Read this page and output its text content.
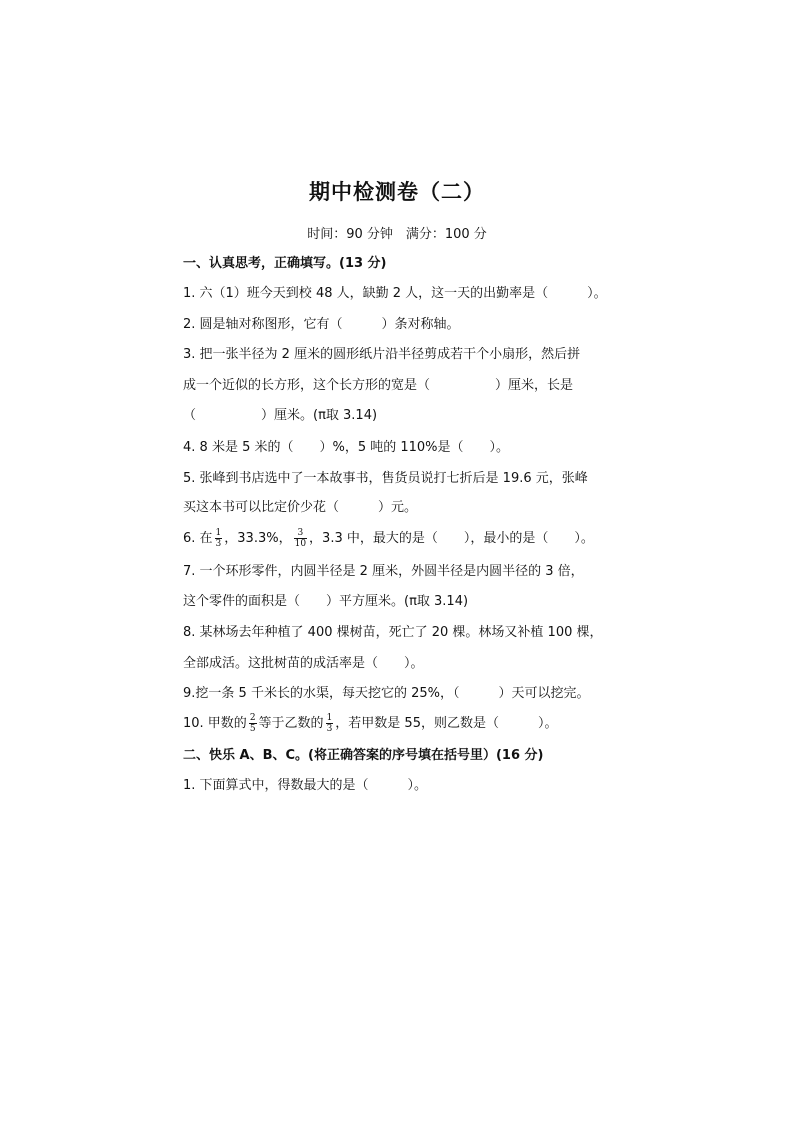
期中检测卷（二）
时间：90 分钟　满分：100 分
一、认真思考，正确填写。(13 分)
1. 六（1）班今天到校 48 人，缺勤 2 人，这一天的出勤率是（　　　）。
2. 圆是轴对称图形，它有（　　　）条对称轴。
3. 把一张半径为 2 厘米的圆形纸片沿半径剪成若干个小扇形，然后拼
成一个近似的长方形，这个长方形的宽是（　　　　　）厘米，长是
（　　　　　）厘米。(π取 3.14)
4. 8 米是 5 米的（　　）%，5 吨的 110%是（　　）。
5. 张峰到书店选中了一本故事书，售货员说打七折后是 19.6 元，张峰
买这本书可以比定价少花（　　　）元。
6. 在 $\frac{1}{3}$ ，33.3%， $\frac{3}{10}$ ，3.3 中，最大的是（　　），最小的是（　　）。
7. 一个环形零件，内圆半径是 2 厘米，外圆半径是内圆半径的 3 倍，
这个零件的面积是（　　）平方厘米。(π取 3.14)
8. 某林场去年种植了 400 棵树苗，死亡了 20 棵。林场又补植 100 棵，
全部成活。这批树苗的成活率是（　　）。
9.挖一条 5 千米长的水渠，每天挖它的 25%，（　　　）天可以挖完。
10. 甲数的 $\frac{2}{5}$ 等于乙数的 $\frac{1}{3}$ ，若甲数是 55，则乙数是（　　　）。
二、快乐 A、B、C。(将正确答案的序号填在括号里）(16 分)
1. 下面算式中，得数最大的是（　　　）。
